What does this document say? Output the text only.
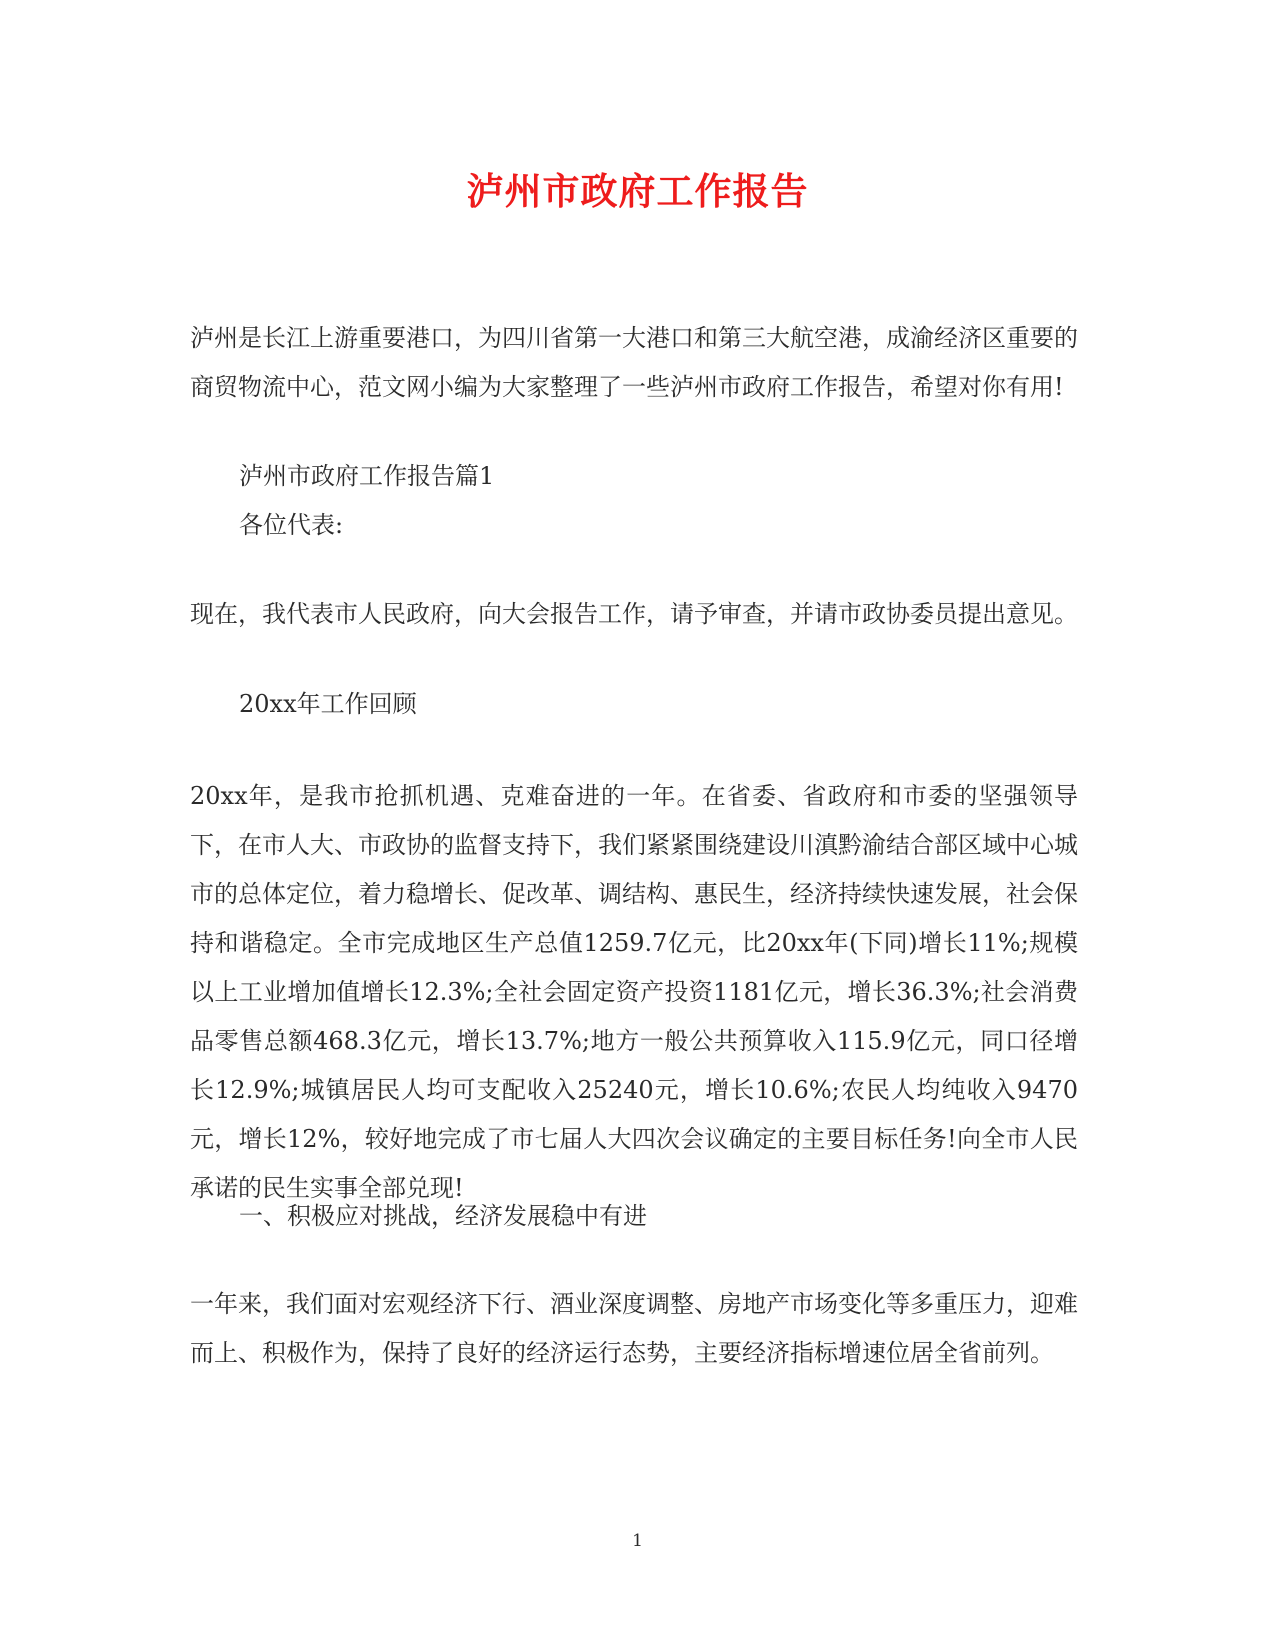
泸州市政府工作报告

泸州是长江上游重要港口，为四川省第一大港口和第三大航空港，成渝经济区重要的商贸物流中心，范文网小编为大家整理了一些泸州市政府工作报告，希望对你有用!

泸州市政府工作报告篇1

各位代表:

现在，我代表市人民政府，向大会报告工作，请予审查，并请市政协委员提出意见。

20xx年工作回顾

20xx年，是我市抢抓机遇、克难奋进的一年。在省委、省政府和市委的坚强领导下，在市人大、市政协的监督支持下，我们紧紧围绕建设川滇黔渝结合部区域中心城市的总体定位，着力稳增长、促改革、调结构、惠民生，经济持续快速发展，社会保持和谐稳定。全市完成地区生产总值1259.7亿元，比20xx年(下同)增长11%;规模以上工业增加值增长12.3%;全社会固定资产投资1181亿元，增长36.3%;社会消费品零售总额468.3亿元，增长13.7%;地方一般公共预算收入115.9亿元，同口径增长12.9%;城镇居民人均可支配收入25240元，增长10.6%;农民人均纯收入9470元，增长12%，较好地完成了市七届人大四次会议确定的主要目标任务!向全市人民承诺的民生实事全部兑现!

一、积极应对挑战，经济发展稳中有进

一年来，我们面对宏观经济下行、酒业深度调整、房地产市场变化等多重压力，迎难而上、积极作为，保持了良好的经济运行态势，主要经济指标增速位居全省前列。

1
